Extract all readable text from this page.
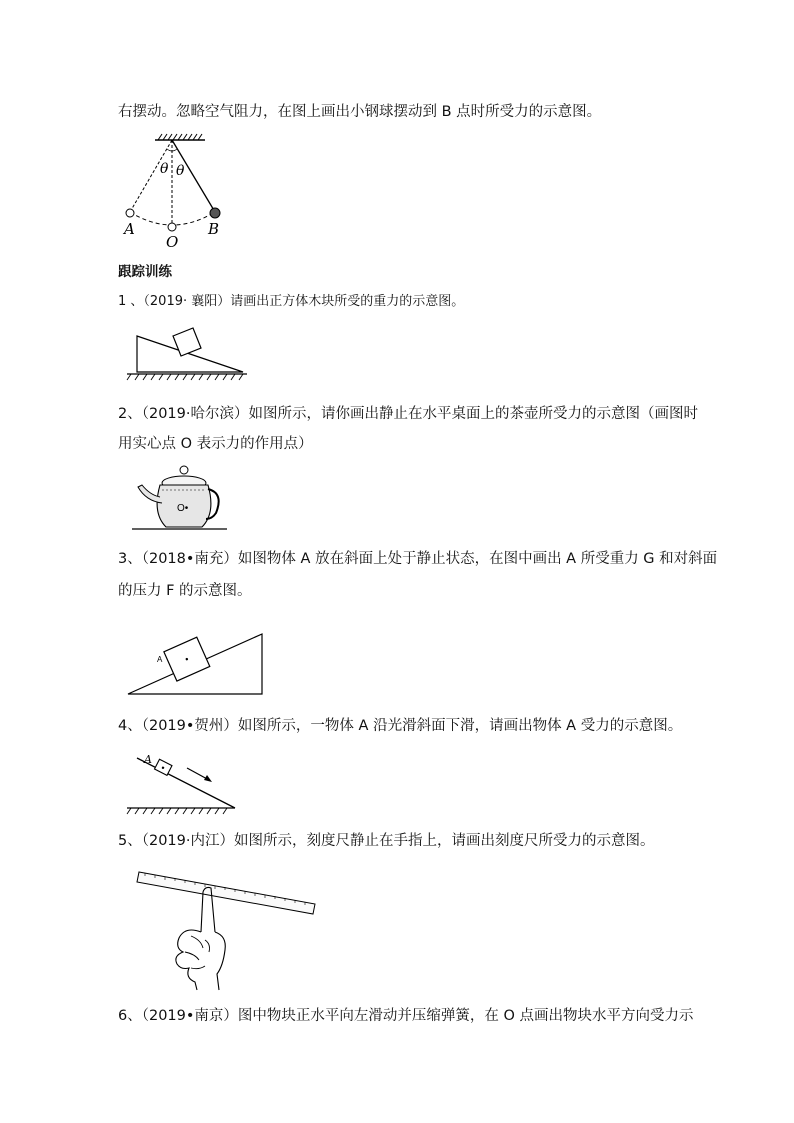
右摆动。忽略空气阻力，在图上画出小钢球摆动到 B 点时所受力的示意图。
θ θ
A
O
B
跟踪训练
1 、（2019· 襄阳）请画出正方体木块所受的重力的示意图。
2、（2019·哈尔滨）如图所示，请你画出静止在水平桌面上的茶壶所受力的示意图（画图时
用实心点 O 表示力的作用点）
O•
3、（2018•南充）如图物体 A 放在斜面上处于静止状态，在图中画出 A 所受重力 G 和对斜面
的压力 F 的示意图。
A
4、（2019•贺州）如图所示，一物体 A 沿光滑斜面下滑，请画出物体 A 受力的示意图。
A
5、（2019·内江）如图所示，刻度尺静止在手指上，请画出刻度尺所受力的示意图。
6、（2019•南京）图中物块正水平向左滑动并压缩弹簧，在 O 点画出物块水平方向受力示
